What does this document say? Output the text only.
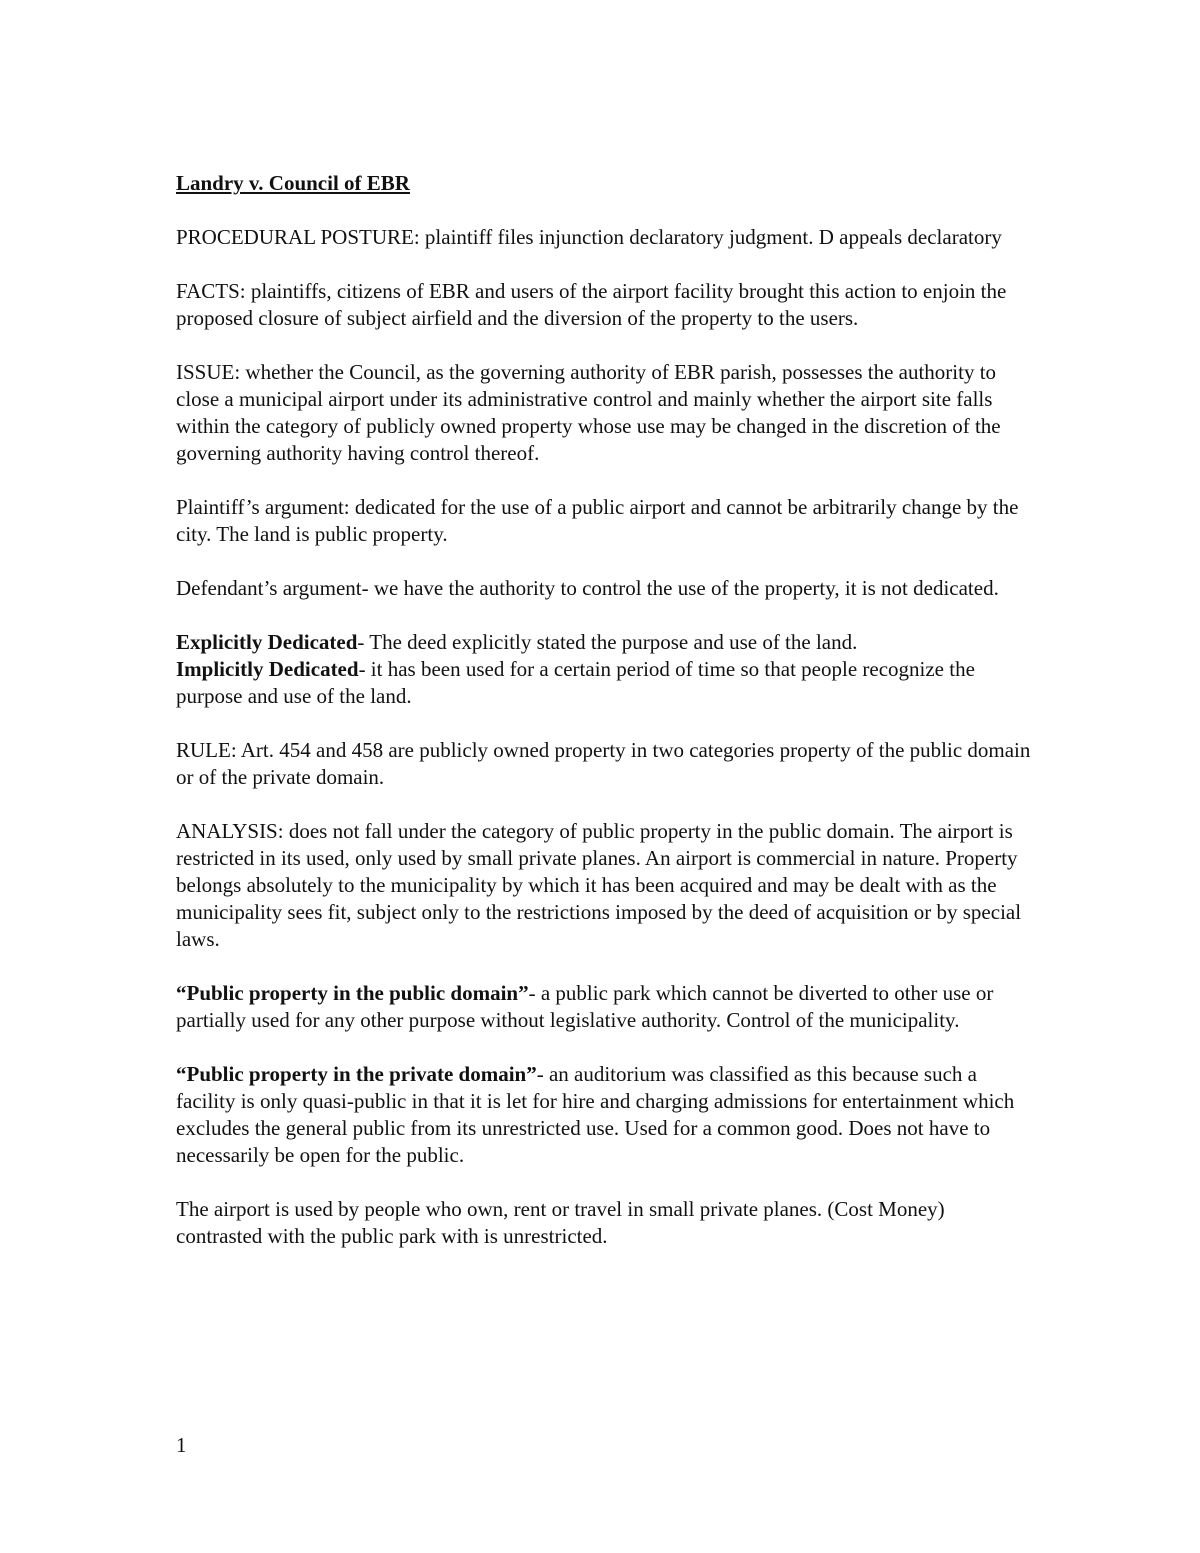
Landry v. Council of EBR
PROCEDURAL POSTURE: plaintiff files injunction declaratory judgment. D appeals declaratory
FACTS: plaintiffs, citizens of EBR and users of the airport facility brought this action to enjoin the proposed closure of subject airfield and the diversion of the property to the users.
ISSUE: whether the Council, as the governing authority of EBR parish, possesses the authority to close a municipal airport under its administrative control and mainly whether the airport site falls within the category of publicly owned property whose use may be changed in the discretion of the governing authority having control thereof.
Plaintiff’s argument: dedicated for the use of a public airport and cannot be arbitrarily change by the city. The land is public property.
Defendant’s argument- we have the authority to control the use of the property, it is not dedicated.
Explicitly Dedicated- The deed explicitly stated the purpose and use of the land.
Implicitly Dedicated- it has been used for a certain period of time so that people recognize the purpose and use of the land.
RULE: Art. 454 and 458 are publicly owned property in two categories property of the public domain or of the private domain.
ANALYSIS: does not fall under the category of public property in the public domain. The airport is restricted in its used, only used by small private planes. An airport is commercial in nature. Property belongs absolutely to the municipality by which it has been acquired and may be dealt with as the municipality sees fit, subject only to the restrictions imposed by the deed of acquisition or by special laws.
“Public property in the public domain”- a public park which cannot be diverted to other use or partially used for any other purpose without legislative authority. Control of the municipality.
“Public property in the private domain”- an auditorium was classified as this because such a facility is only quasi-public in that it is let for hire and charging admissions for entertainment which excludes the general public from its unrestricted use. Used for a common good. Does not have to necessarily be open for the public.
The airport is used by people who own, rent or travel in small private planes. (Cost Money) contrasted with the public park with is unrestricted.
1
